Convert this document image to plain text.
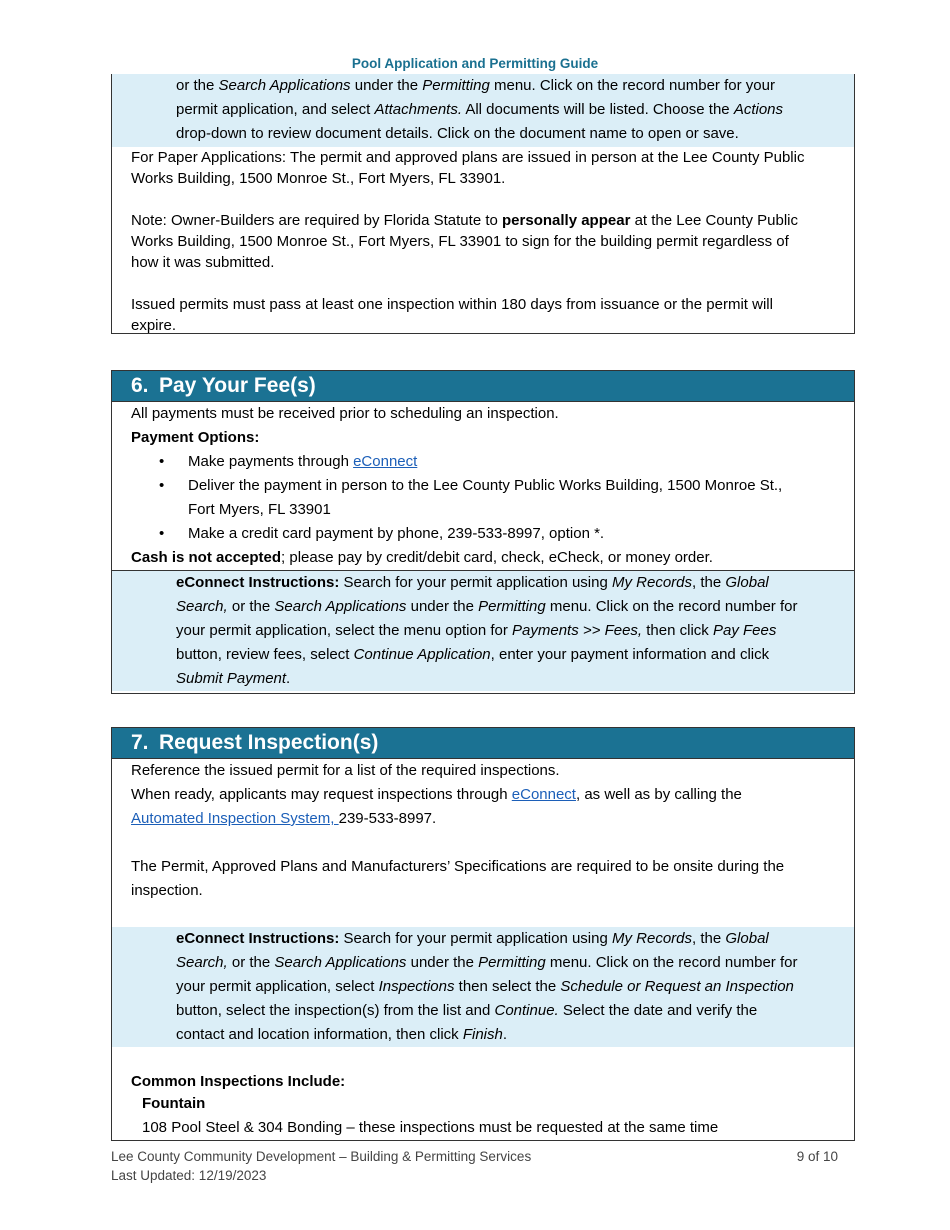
Pool Application and Permitting Guide
or the Search Applications under the Permitting menu. Click on the record number for your
permit application, and select Attachments. All documents will be listed. Choose the Actions
drop-down to review document details. Click on the document name to open or save.
For Paper Applications: The permit and approved plans are issued in person at the Lee County Public
Works Building, 1500 Monroe St., Fort Myers, FL 33901.
Note: Owner-Builders are required by Florida Statute to personally appear at the Lee County Public
Works Building, 1500 Monroe St., Fort Myers, FL 33901 to sign for the building permit regardless of
how it was submitted.
Issued permits must pass at least one inspection within 180 days from issuance or the permit will
expire.
6. Pay Your Fee(s)
All payments must be received prior to scheduling an inspection.
Payment Options:
• Make payments through eConnect
• Deliver the payment in person to the Lee County Public Works Building, 1500 Monroe St.,
Fort Myers, FL 33901
• Make a credit card payment by phone, 239-533-8997, option *.
Cash is not accepted; please pay by credit/debit card, check, eCheck, or money order.
eConnect Instructions: Search for your permit application using My Records, the Global
Search, or the Search Applications under the Permitting menu. Click on the record number for
your permit application, select the menu option for Payments >> Fees, then click Pay Fees
button, review fees, select Continue Application, enter your payment information and click
Submit Payment.
7. Request Inspection(s)
Reference the issued permit for a list of the required inspections.
When ready, applicants may request inspections through eConnect, as well as by calling the
Automated Inspection System, 239-533-8997.
The Permit, Approved Plans and Manufacturers’ Specifications are required to be onsite during the
inspection.
eConnect Instructions: Search for your permit application using My Records, the Global
Search, or the Search Applications under the Permitting menu. Click on the record number for
your permit application, select Inspections then select the Schedule or Request an Inspection
button, select the inspection(s) from the list and Continue. Select the date and verify the
contact and location information, then click Finish.
Common Inspections Include:
Fountain
108 Pool Steel & 304 Bonding – these inspections must be requested at the same time
Lee County Community Development – Building & Permitting Services
Last Updated: 12/19/2023
9 of 10
